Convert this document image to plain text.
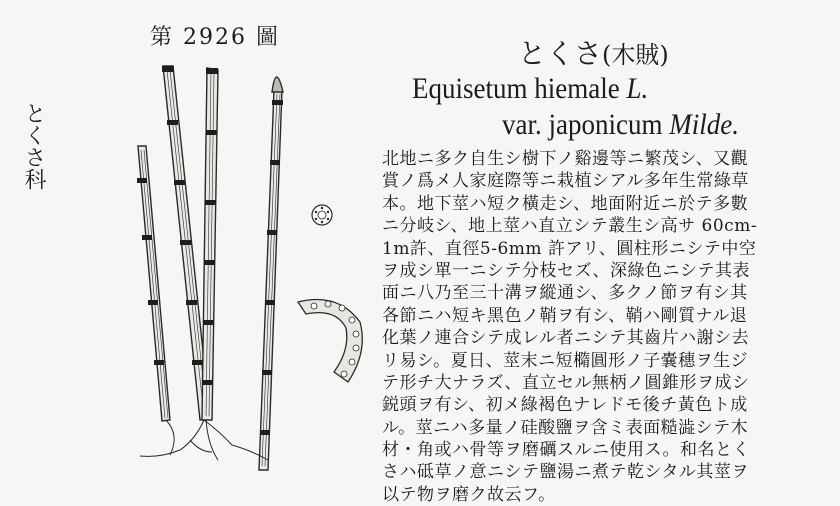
第 2926 圖
とくさ科
とくさ(木賊)
Equisetum hiemale L.
var. japonicum Milde.
北地ニ多ク自生シ樹下ノ谿邊等ニ繁茂シ、又觀
賞ノ爲メ人家庭際等ニ栽植シアル多年生常綠草
本。地下莖ハ短ク橫走シ、地面附近ニ於テ多數
ニ分岐シ、地上莖ハ直立シテ叢生シ高サ 60cm-
1m許、直徑5-6mm 許アリ、圓柱形ニシテ中空
ヲ成シ單一ニシテ分枝セズ、深綠色ニシテ其表
面ニ八乃至三十溝ヲ縱通シ、多クノ節ヲ有シ其
各節ニハ短キ黑色ノ鞘ヲ有シ、鞘ハ剛質ナル退
化葉ノ連合シテ成レル者ニシテ其齒片ハ謝シ去
リ易シ。夏日、莖末ニ短橢圓形ノ子嚢穗ヲ生ジ
テ形チ大ナラズ、直立セル無柄ノ圓錐形ヲ成シ
鋭頭ヲ有シ、初メ綠褐色ナレドモ後チ黃色ト成
ル。莖ニハ多量ノ硅酸鹽ヲ含ミ表面糙澁シテ木
材・角或ハ骨等ヲ磨礪スルニ使用ス。和名とく
さハ砥草ノ意ニシテ鹽湯ニ煮テ乾シタル其莖ヲ
以テ物ヲ磨ク故云フ。
